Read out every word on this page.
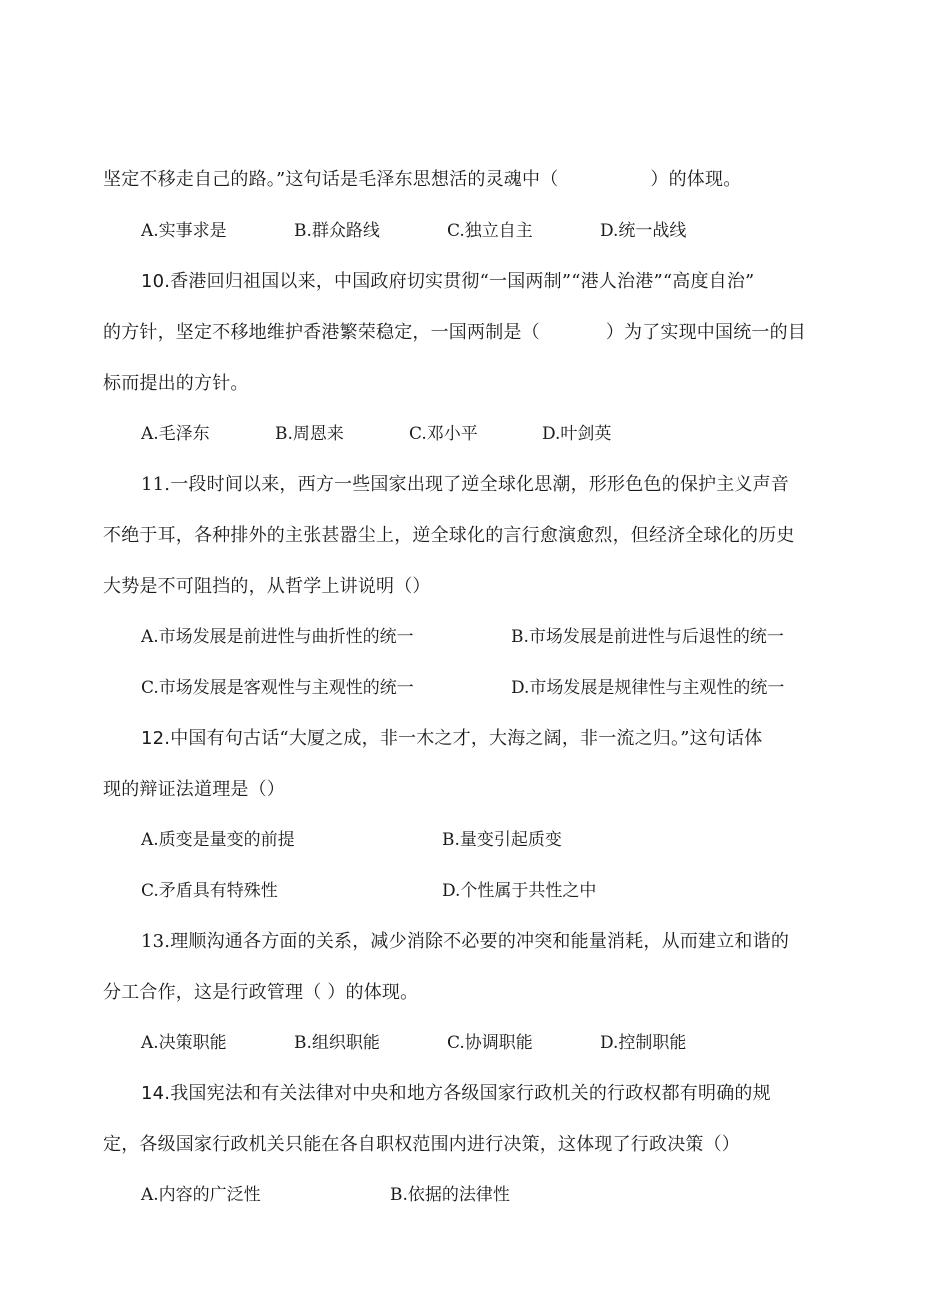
坚定不移走自己的路。”这句话是毛泽东思想活的灵魂中（	）的体现。
A.实事求是	B.群众路线	C.独立自主	D.统一战线
10.香港回归祖国以来，中国政府切实贯彻“一国两制”“港人治港”“高度自治”
的方针，坚定不移地维护香港繁荣稳定，一国两制是（	）为了实现中国统一的目
标而提出的方针。
A.毛泽东	B.周恩来	C.邓小平	D.叶剑英
11.一段时间以来，西方一些国家出现了逆全球化思潮，形形色色的保护主义声音
不绝于耳，各种排外的主张甚嚣尘上，逆全球化的言行愈演愈烈，但经济全球化的历史
大势是不可阻挡的，从哲学上讲说明（）
A.市场发展是前进性与曲折性的统一	B.市场发展是前进性与后退性的统一
C.市场发展是客观性与主观性的统一	D.市场发展是规律性与主观性的统一
12.中国有句古话“大厦之成，非一木之才，大海之阔，非一流之归。”这句话体
现的辩证法道理是（）
A.质变是量变的前提	B.量变引起质变
C.矛盾具有特殊性	D.个性属于共性之中
13.理顺沟通各方面的关系，减少消除不必要的冲突和能量消耗，从而建立和谐的
分工合作，这是行政管理（ ）的体现。
A.决策职能	B.组织职能	C.协调职能	D.控制职能
14.我国宪法和有关法律对中央和地方各级国家行政机关的行政权都有明确的规
定，各级国家行政机关只能在各自职权范围内进行决策，这体现了行政决策（）
A.内容的广泛性	B.依据的法律性
